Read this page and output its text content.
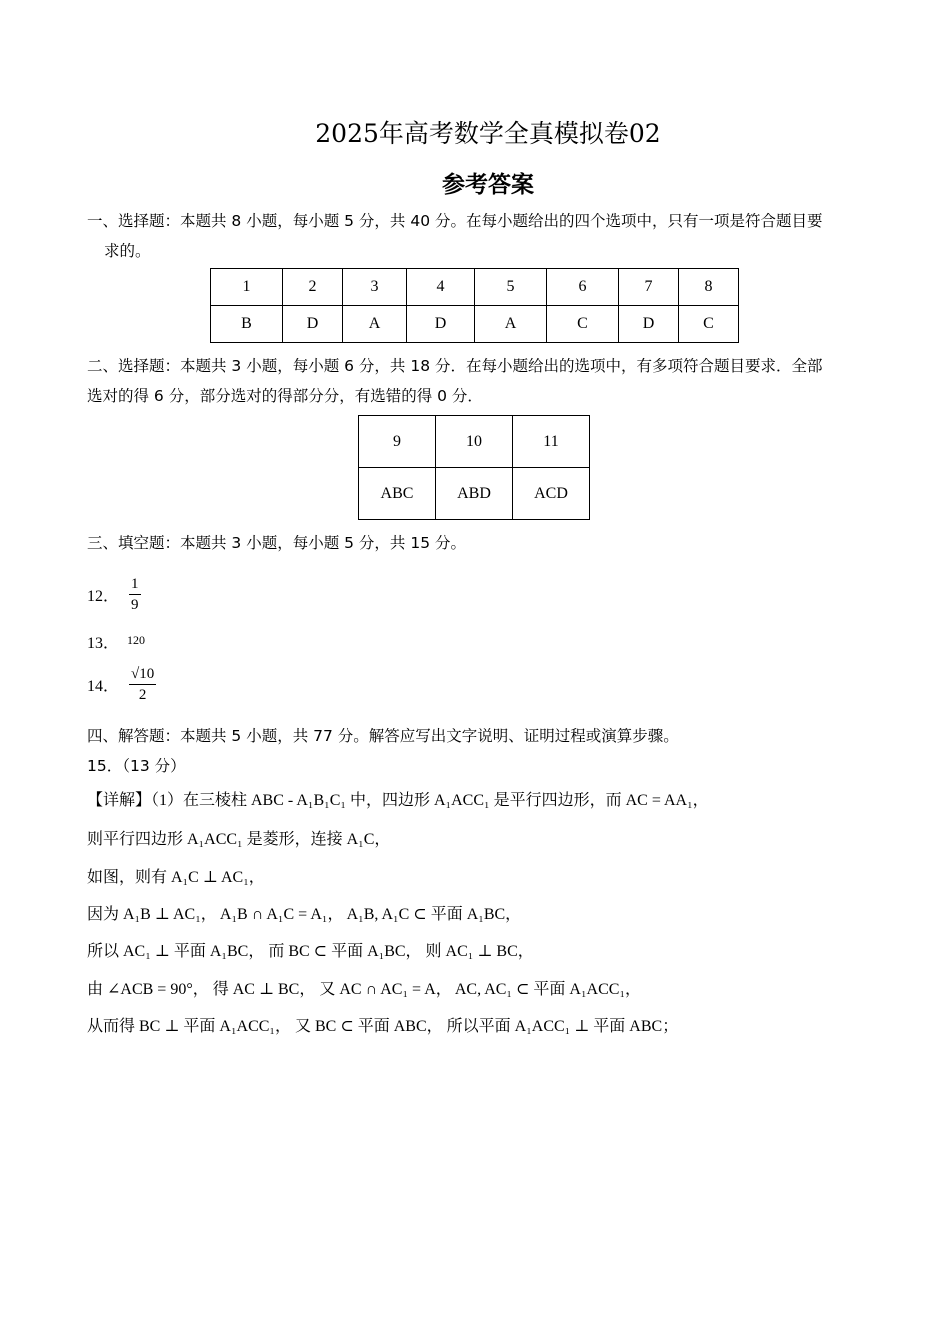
2025年高考数学全真模拟卷02
参考答案
一、选择题：本题共 8 小题，每小题 5 分，共 40 分。在每小题给出的四个选项中，只有一项是符合题目要
求的。
1	2	3	4	5	6	7	8
B	D	A	D	A	C	D	C
二、选择题：本题共 3 小题，每小题 6 分，共 18 分．在每小题给出的选项中，有多项符合题目要求．全部
选对的得 6 分，部分选对的得部分分，有选错的得 0 分．
9	10	11
ABC	ABD	ACD
三、填空题：本题共 3 小题，每小题 5 分，共 15 分。
12． $\frac{1}{9}$
13． $^{120}$
14． $\frac{√10}{2}$
四、解答题：本题共 5 小题，共 77 分。解答应写出文字说明、证明过程或演算步骤。
15．（13 分）
【详解】（1）在三棱柱 ABC - A₁B₁C₁ 中，四边形 A₁ACC₁ 是平行四边形，而 AC = AA₁，
则平行四边形 A₁ACC₁ 是菱形，连接 A₁C，
如图，则有 A₁C ⊥ AC₁，
因为 A₁B ⊥ AC₁， A₁B ∩ A₁C = A₁， A₁B, A₁C ⊂ 平面 A₁BC，
所以 AC₁ ⊥ 平面 A₁BC， 而 BC ⊂ 平面 A₁BC， 则 AC₁ ⊥ BC，
由 ∠ACB = 90°， 得 AC ⊥ BC， 又 AC ∩ AC₁ = A， AC, AC₁ ⊂ 平面 A₁ACC₁，
从而得 BC ⊥ 平面 A₁ACC₁， 又 BC ⊂ 平面 ABC， 所以平面 A₁ACC₁ ⊥ 平面 ABC；
